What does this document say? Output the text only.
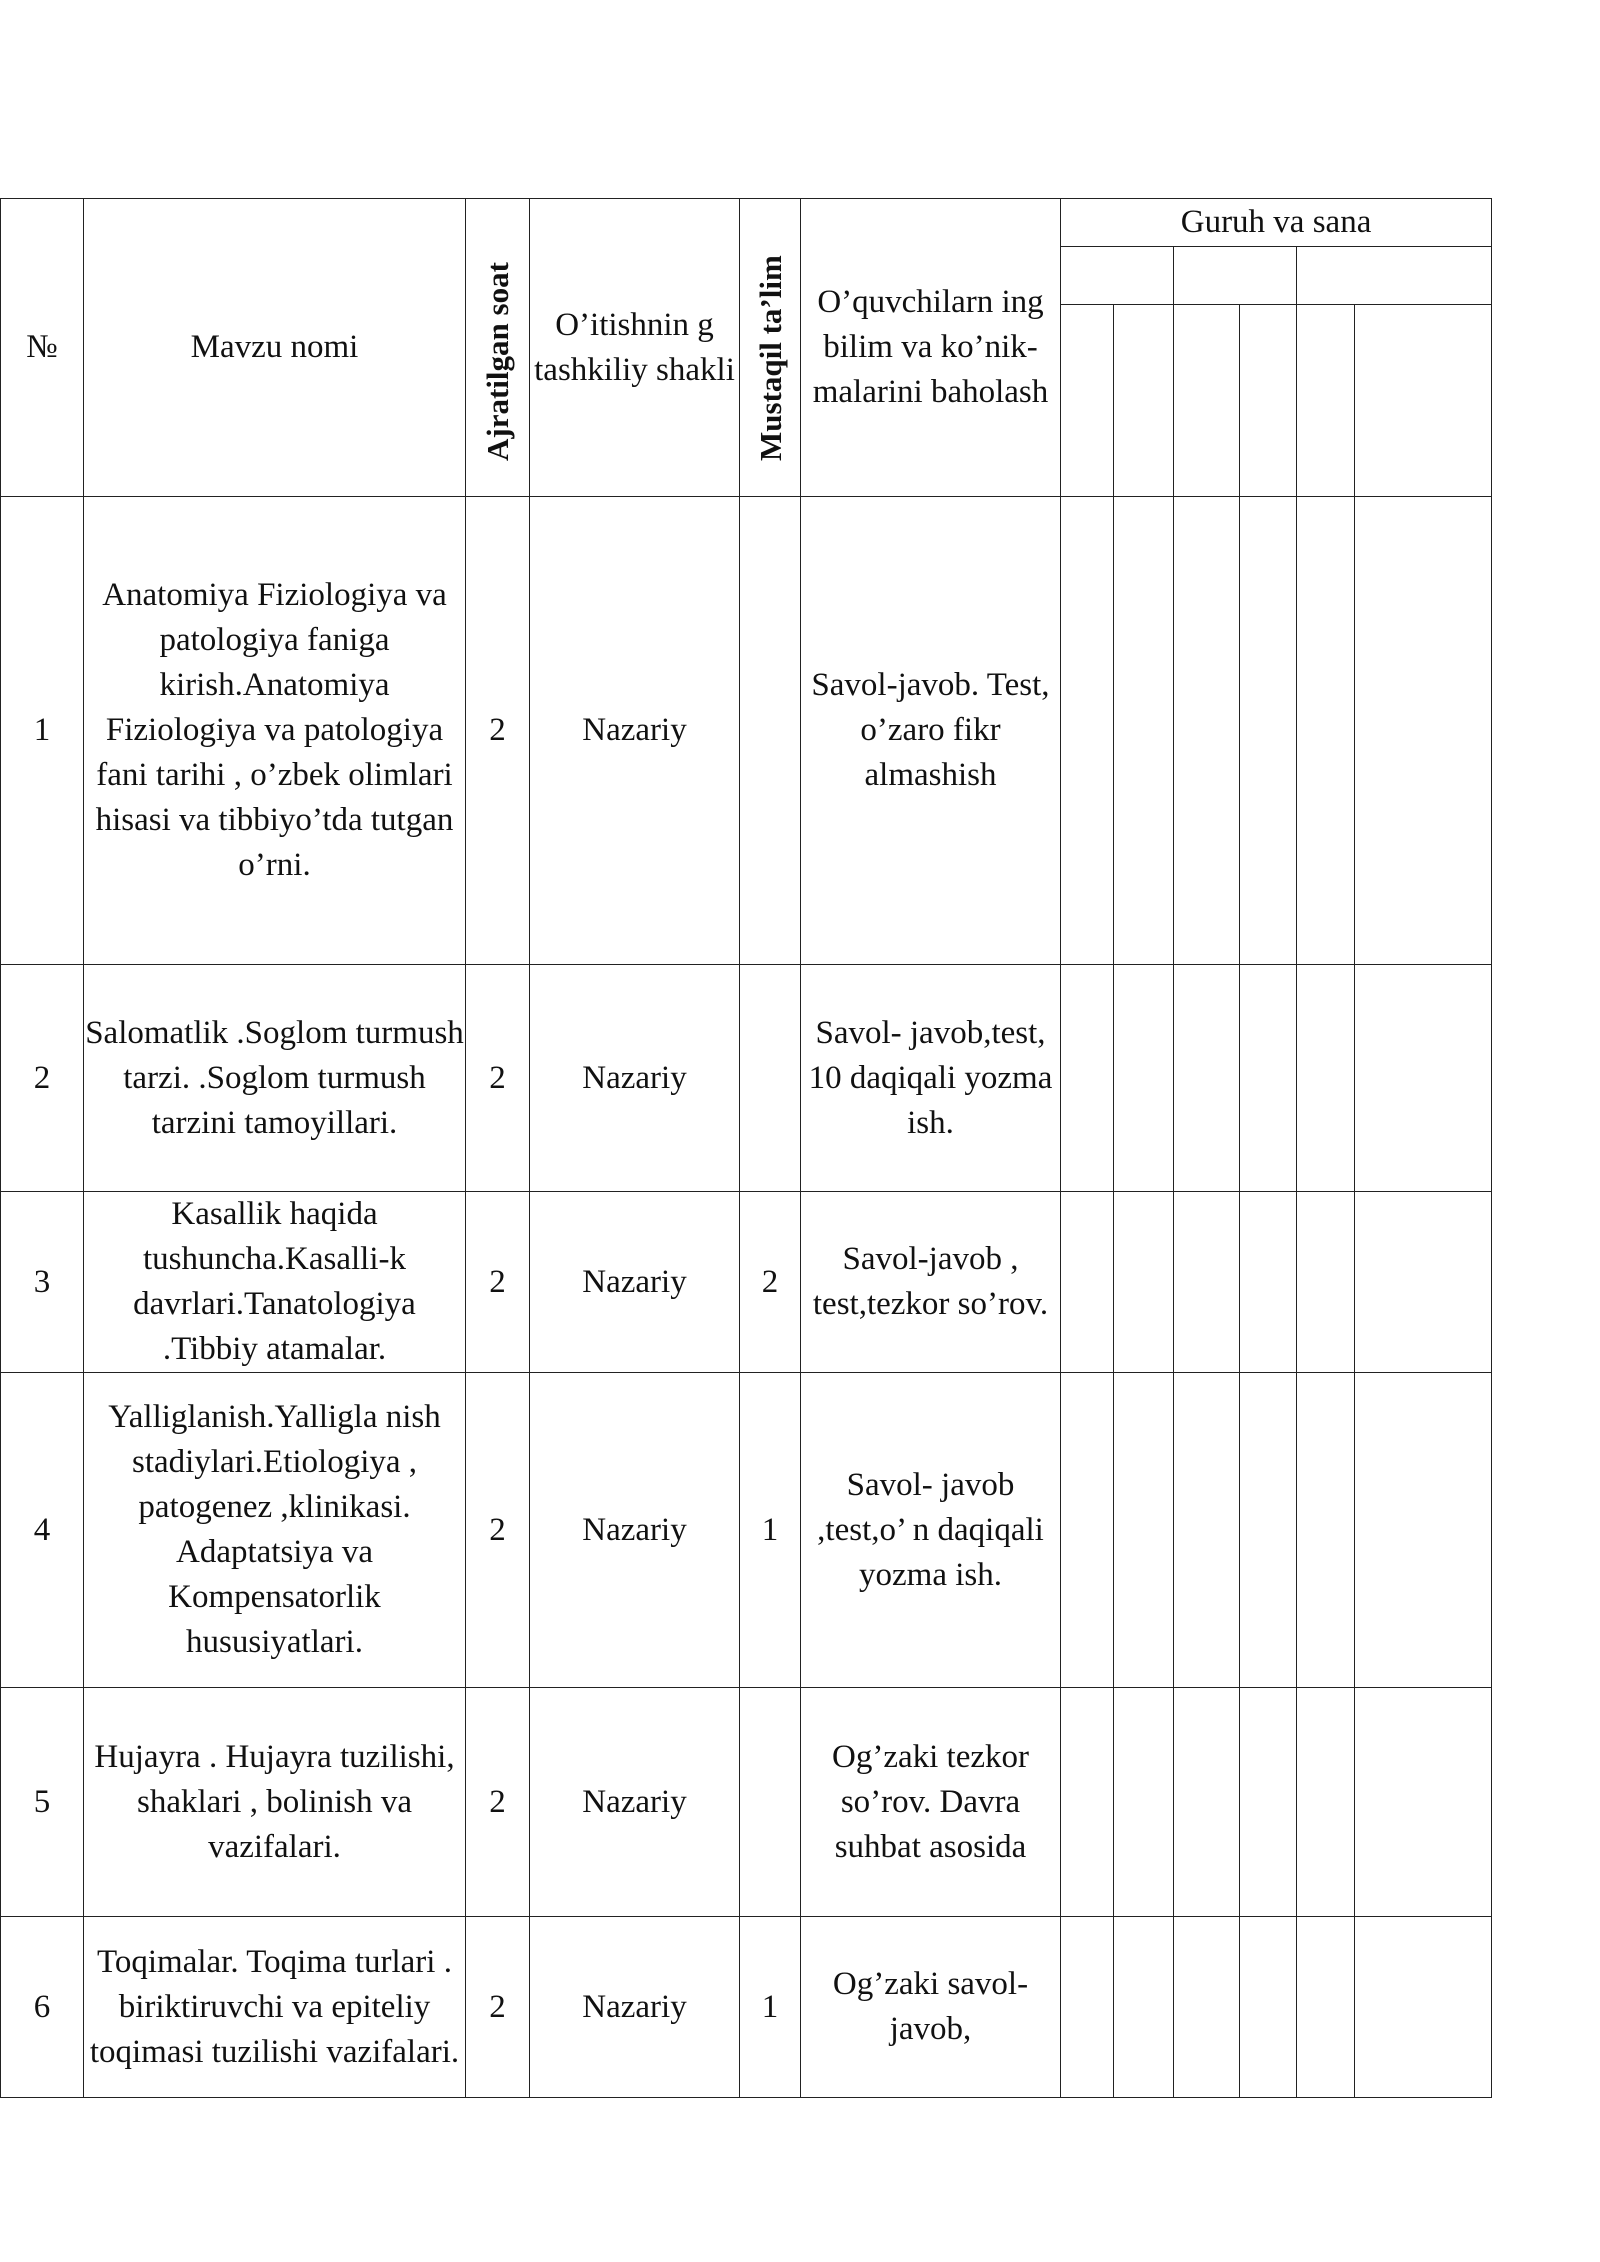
№	Mavzu nomi	Ajratilgan soat	O’itishnin g tashkiliy shakli	Mustaqil ta’lim	O’quvchilarn ing bilim va ko’nik- malarini baholash	Guruh va sana					

1	Anatomiya Fiziologiya va patologiya faniga kirish.Anatomiya Fiziologiya va patologiya fani tarihi , o’zbek olimlari hisasi va tibbiyo’tda tutgan o’rni.	2	Nazariy		Savol-javob. Test, o’zaro fikr almashish						
2	Salomatlik .Soglom turmush tarzi. .Soglom turmush tarzini tamoyillari.	2	Nazariy		Savol- javob,test, 10 daqiqali yozma ish.						
3	Kasallik haqida tushuncha.Kasalli-k davrlari.Tanatologiya .Tibbiy atamalar.	2	Nazariy	2	Savol-javob , test,tezkor so’rov.						
4	Yalliglanish.Yalligla nish stadiylari.Etiologiya , patogenez ,klinikasi. Adaptatsiya va Kompensatorlik hususiyatlari.	2	Nazariy	1	Savol- javob ,test,o’ n daqiqali yozma ish.						
5	Hujayra . Hujayra tuzilishi, shaklari , bolinish va vazifalari.	2	Nazariy		Og’zaki tezkor so’rov. Davra suhbat asosida						
6	Toqimalar. Toqima turlari . biriktiruvchi va epiteliy toqimasi tuzilishi vazifalari.	2	Nazariy	1	Og’zaki savol-javob,						
